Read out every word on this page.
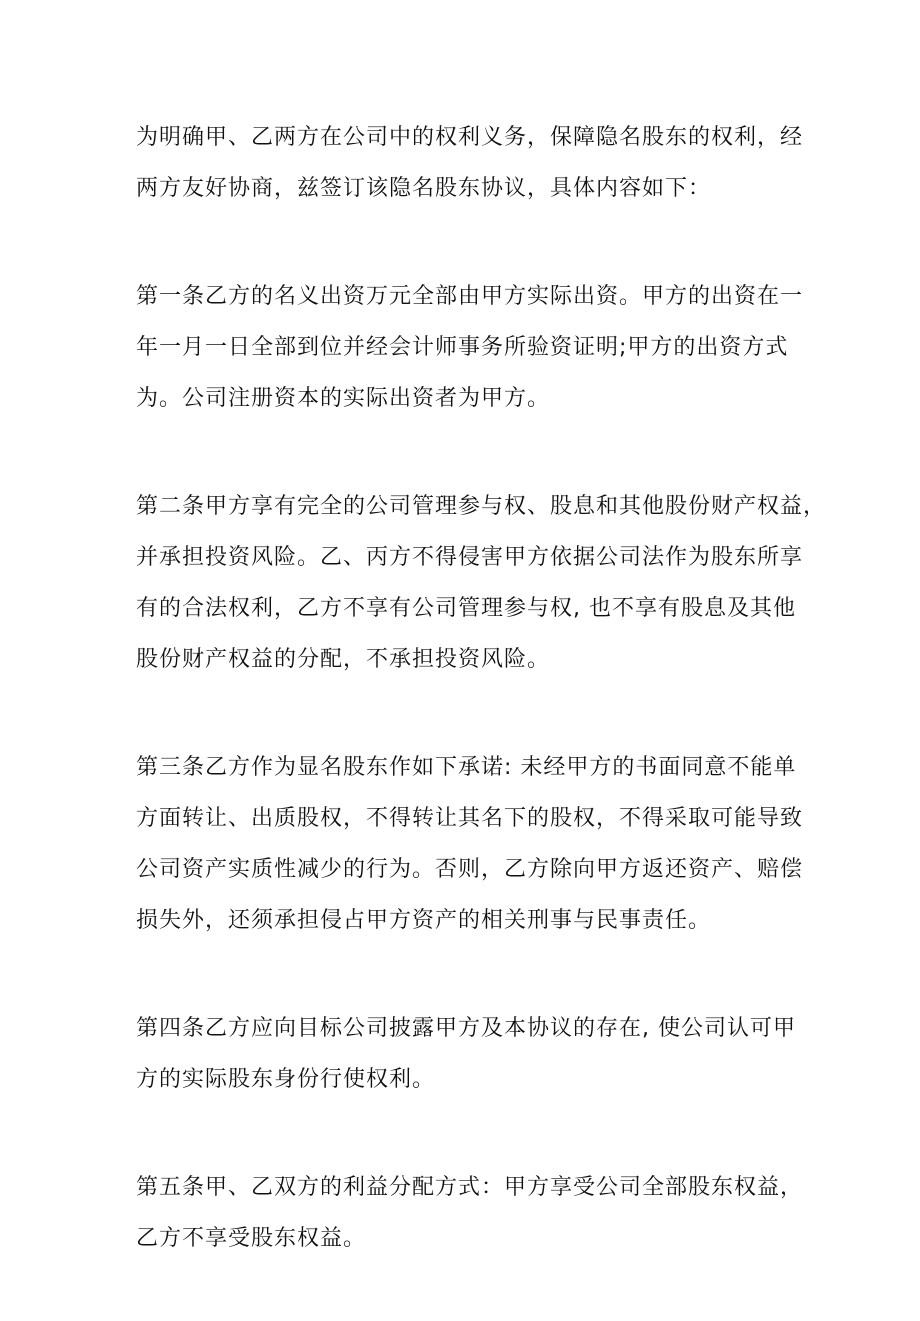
为明确甲、乙两方在公司中的权利义务，保障隐名股东的权利，经
两方友好协商，兹签订该隐名股东协议，具体内容如下：

第一条乙方的名义出资万元全部由甲方实际出资。甲方的出资在一
年一月一日全部到位并经会计师事务所验资证明;甲方的出资方式
为。公司注册资本的实际出资者为甲方。

第二条甲方享有完全的公司管理参与权、股息和其他股份财产权益，
并承担投资风险。乙、丙方不得侵害甲方依据公司法作为股东所享
有的合法权利，乙方不享有公司管理参与权, 也不享有股息及其他
股份财产权益的分配，不承担投资风险。

第三条乙方作为显名股东作如下承诺: 未经甲方的书面同意不能单
方面转让、出质股权，不得转让其名下的股权，不得采取可能导致
公司资产实质性减少的行为。否则，乙方除向甲方返还资产、赔偿
损失外，还须承担侵占甲方资产的相关刑事与民事责任。

第四条乙方应向目标公司披露甲方及本协议的存在, 使公司认可甲
方的实际股东身份行使权利。

第五条甲、乙双方的利益分配方式：甲方享受公司全部股东权益，
乙方不享受股东权益。
